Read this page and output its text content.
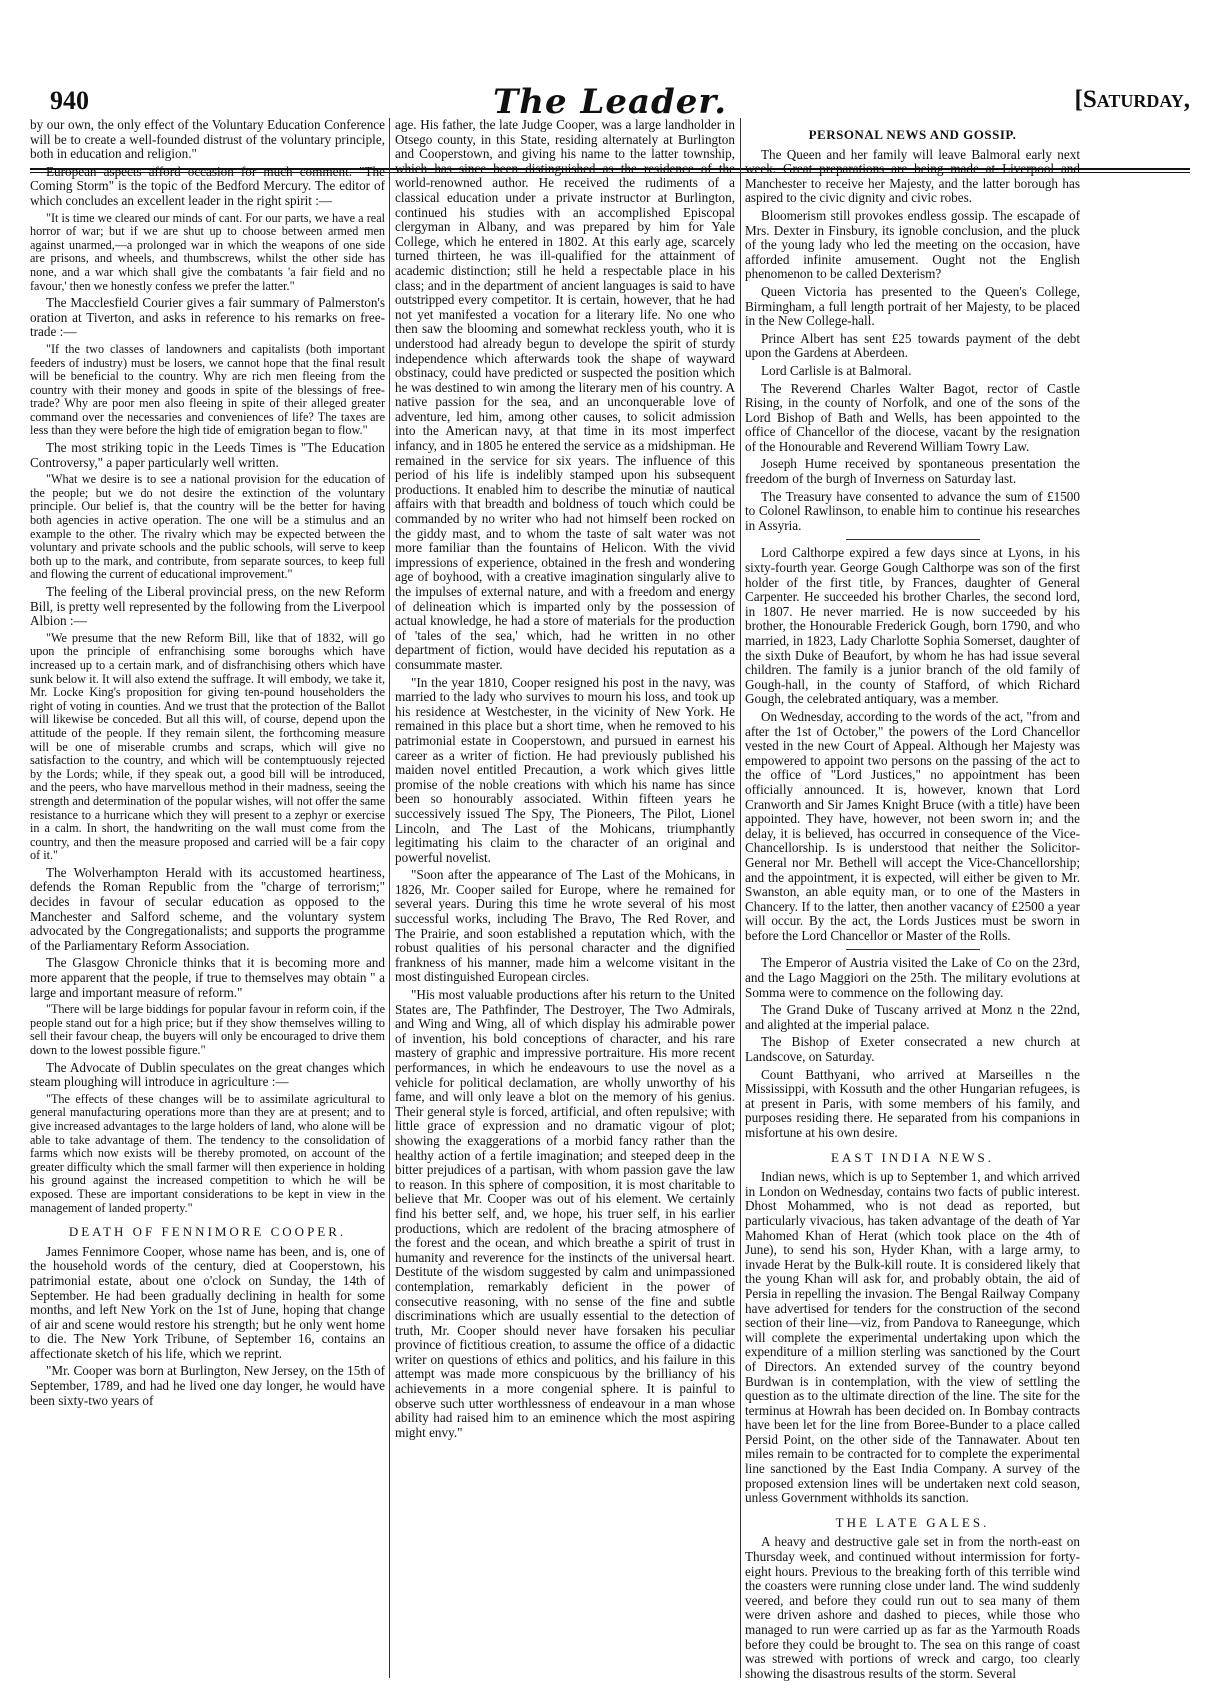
940	The Leader.	[Saturday,

by our own, the only effect of the Voluntary Education Conference will be to create a well-founded distrust of the voluntary principle, both in education and religion."

European aspects afford occasion for much comment. "The Coming Storm" is the topic of the Bedford Mercury. The editor of which concludes an excellent leader in the right spirit :—

"It is time we cleared our minds of cant. For our parts, we have a real horror of war; but if we are shut up to choose between armed men against unarmed,—a prolonged war in which the weapons of one side are prisons, and wheels, and thumbscrews, whilst the other side has none, and a war which shall give the combatants 'a fair field and no favour,' then we honestly confess we prefer the latter."

The Macclesfield Courier gives a fair summary of Palmerston's oration at Tiverton, and asks in reference to his remarks on free-trade :—

"If the two classes of landowners and capitalists (both important feeders of industry) must be losers, we cannot hope that the final result will be beneficial to the country. Why are rich men fleeing from the country with their money and goods in spite of the blessings of free-trade? Why are poor men also fleeing in spite of their alleged greater command over the necessaries and conveniences of life? The taxes are less than they were before the high tide of emigration began to flow."

The most striking topic in the Leeds Times is "The Education Controversy," a paper particularly well written.

"What we desire is to see a national provision for the education of the people; but we do not desire the extinction of the voluntary principle. Our belief is, that the country will be the better for having both agencies in active operation. The one will be a stimulus and an example to the other. The rivalry which may be expected between the voluntary and private schools and the public schools, will serve to keep both up to the mark, and contribute, from separate sources, to keep full and flowing the current of educational improvement."

The feeling of the Liberal provincial press, on the new Reform Bill, is pretty well represented by the following from the Liverpool Albion :—

"We presume that the new Reform Bill, like that of 1832, will go upon the principle of enfranchising some boroughs which have increased up to a certain mark, and of disfranchising others which have sunk below it. It will also extend the suffrage. It will embody, we take it, Mr. Locke King's proposition for giving ten-pound householders the right of voting in counties. And we trust that the protection of the Ballot will likewise be conceded. But all this will, of course, depend upon the attitude of the people. If they remain silent, the forthcoming measure will be one of miserable crumbs and scraps, which will give no satisfaction to the country, and which will be contemptuously rejected by the Lords; while, if they speak out, a good bill will be introduced, and the peers, who have marvellous method in their madness, seeing the strength and determination of the popular wishes, will not offer the same resistance to a hurricane which they will present to a zephyr or exercise in a calm. In short, the handwriting on the wall must come from the country, and then the measure proposed and carried will be a fair copy of it."

The Wolverhampton Herald with its accustomed heartiness, defends the Roman Republic from the "charge of terrorism;" decides in favour of secular education as opposed to the Manchester and Salford scheme, and the voluntary system advocated by the Congregationalists; and supports the programme of the Parliamentary Reform Association.

The Glasgow Chronicle thinks that it is becoming more and more apparent that the people, if true to themselves may obtain " a large and important measure of reform."

"There will be large biddings for popular favour in reform coin, if the people stand out for a high price; but if they show themselves willing to sell their favour cheap, the buyers will only be encouraged to drive them down to the lowest possible figure."

The Advocate of Dublin speculates on the great changes which steam ploughing will introduce in agriculture :—

"The effects of these changes will be to assimilate agricultural to general manufacturing operations more than they are at present; and to give increased advantages to the large holders of land, who alone will be able to take advantage of them. The tendency to the consolidation of farms which now exists will be thereby promoted, on account of the greater difficulty which the small farmer will then experience in holding his ground against the increased competition to which he will be exposed. These are important considerations to be kept in view in the management of landed property."

DEATH OF FENNIMORE COOPER.

James Fennimore Cooper, whose name has been, and is, one of the household words of the century, died at Cooperstown, his patrimonial estate, about one o'clock on Sunday, the 14th of September. He had been gradually declining in health for some months, and left New York on the 1st of June, hoping that change of air and scene would restore his strength; but he only went home to die. The New York Tribune, of September 16, contains an affectionate sketch of his life, which we reprint.

"Mr. Cooper was born at Burlington, New Jersey, on the 15th of September, 1789, and had he lived one day longer, he would have been sixty-two years of

age. His father, the late Judge Cooper, was a large landholder in Otsego county, in this State, residing alternately at Burlington and Cooperstown, and giving his name to the latter township, which has since been distinguished as the residence of the world-renowned author. He received the rudiments of a classical education under a private instructor at Burlington, continued his studies with an accomplished Episcopal clergyman in Albany, and was prepared by him for Yale College, which he entered in 1802. At this early age, scarcely turned thirteen, he was ill-qualified for the attainment of academic distinction; still he held a respectable place in his class; and in the department of ancient languages is said to have outstripped every competitor. It is certain, however, that he had not yet manifested a vocation for a literary life. No one who then saw the blooming and somewhat reckless youth, who it is understood had already begun to develope the spirit of sturdy independence which afterwards took the shape of wayward obstinacy, could have predicted or suspected the position which he was destined to win among the literary men of his country. A native passion for the sea, and an unconquerable love of adventure, led him, among other causes, to solicit admission into the American navy, at that time in its most imperfect infancy, and in 1805 he entered the service as a midshipman. He remained in the service for six years. The influence of this period of his life is indelibly stamped upon his subsequent productions. It enabled him to describe the minutiæ of nautical affairs with that breadth and boldness of touch which could be commanded by no writer who had not himself been rocked on the giddy mast, and to whom the taste of salt water was not more familiar than the fountains of Helicon. With the vivid impressions of experience, obtained in the fresh and wondering age of boyhood, with a creative imagination singularly alive to the impulses of external nature, and with a freedom and energy of delineation which is imparted only by the possession of actual knowledge, he had a store of materials for the production of 'tales of the sea,' which, had he written in no other department of fiction, would have decided his reputation as a consummate master.

"In the year 1810, Cooper resigned his post in the navy, was married to the lady who survives to mourn his loss, and took up his residence at Westchester, in the vicinity of New York. He remained in this place but a short time, when he removed to his patrimonial estate in Cooperstown, and pursued in earnest his career as a writer of fiction. He had previously published his maiden novel entitled Precaution, a work which gives little promise of the noble creations with which his name has since been so honourably associated. Within fifteen years he successively issued The Spy, The Pioneers, The Pilot, Lionel Lincoln, and The Last of the Mohicans, triumphantly legitimating his claim to the character of an original and powerful novelist.

"Soon after the appearance of The Last of the Mohicans, in 1826, Mr. Cooper sailed for Europe, where he remained for several years. During this time he wrote several of his most successful works, including The Bravo, The Red Rover, and The Prairie, and soon established a reputation which, with the robust qualities of his personal character and the dignified frankness of his manner, made him a welcome visitant in the most distinguished European circles.

"His most valuable productions after his return to the United States are, The Pathfinder, The Destroyer, The Two Admirals, and Wing and Wing, all of which display his admirable power of invention, his bold conceptions of character, and his rare mastery of graphic and impressive portraiture. His more recent performances, in which he endeavours to use the novel as a vehicle for political declamation, are wholly unworthy of his fame, and will only leave a blot on the memory of his genius. Their general style is forced, artificial, and often repulsive; with little grace of expression and no dramatic vigour of plot; showing the exaggerations of a morbid fancy rather than the healthy action of a fertile imagination; and steeped deep in the bitter prejudices of a partisan, with whom passion gave the law to reason. In this sphere of composition, it is most charitable to believe that Mr. Cooper was out of his element. We certainly find his better self, and, we hope, his truer self, in his earlier productions, which are redolent of the bracing atmosphere of the forest and the ocean, and which breathe a spirit of trust in humanity and reverence for the instincts of the universal heart. Destitute of the wisdom suggested by calm and unimpassioned contemplation, remarkably deficient in the power of consecutive reasoning, with no sense of the fine and subtle discriminations which are usually essential to the detection of truth, Mr. Cooper should never have forsaken his peculiar province of fictitious creation, to assume the office of a didactic writer on questions of ethics and politics, and his failure in this attempt was made more conspicuous by the brilliancy of his achievements in a more congenial sphere. It is painful to observe such utter worthlessness of endeavour in a man whose ability had raised him to an eminence which the most aspiring might envy."

PERSONAL NEWS AND GOSSIP.

The Queen and her family will leave Balmoral early next week. Great preparations are being made at Liverpool and Manchester to receive her Majesty, and the latter borough has aspired to the civic dignity and civic robes.

Bloomerism still provokes endless gossip. The escapade of Mrs. Dexter in Finsbury, its ignoble conclusion, and the pluck of the young lady who led the meeting on the occasion, have afforded infinite amusement. Ought not the English phenomenon to be called Dexterism?

Queen Victoria has presented to the Queen's College, Birmingham, a full length portrait of her Majesty, to be placed in the New College-hall.

Prince Albert has sent £25 towards payment of the debt upon the Gardens at Aberdeen.

Lord Carlisle is at Balmoral.

The Reverend Charles Walter Bagot, rector of Castle Rising, in the county of Norfolk, and one of the sons of the Lord Bishop of Bath and Wells, has been appointed to the office of Chancellor of the diocese, vacant by the resignation of the Honourable and Reverend William Towry Law.

Joseph Hume received by spontaneous presentation the freedom of the burgh of Inverness on Saturday last.

The Treasury have consented to advance the sum of £1500 to Colonel Rawlinson, to enable him to continue his researches in Assyria.

Lord Calthorpe expired a few days since at Lyons, in his sixty-fourth year. George Gough Calthorpe was son of the first holder of the first title, by Frances, daughter of General Carpenter. He succeeded his brother Charles, the second lord, in 1807. He never married. He is now succeeded by his brother, the Honourable Frederick Gough, born 1790, and who married, in 1823, Lady Charlotte Sophia Somerset, daughter of the sixth Duke of Beaufort, by whom he has had issue several children. The family is a junior branch of the old family of Gough-hall, in the county of Stafford, of which Richard Gough, the celebrated antiquary, was a member.

On Wednesday, according to the words of the act, "from and after the 1st of October," the powers of the Lord Chancellor vested in the new Court of Appeal. Although her Majesty was empowered to appoint two persons on the passing of the act to the office of "Lord Justices," no appointment has been officially announced. It is, however, known that Lord Cranworth and Sir James Knight Bruce (with a title) have been appointed. They have, however, not been sworn in; and the delay, it is believed, has occurred in consequence of the Vice-Chancellorship. Is is understood that neither the Solicitor-General nor Mr. Bethell will accept the Vice-Chancellorship; and the appointment, it is expected, will either be given to Mr. Swanston, an able equity man, or to one of the Masters in Chancery. If to the latter, then another vacancy of £2500 a year will occur. By the act, the Lords Justices must be sworn in before the Lord Chancellor or Master of the Rolls.

The Emperor of Austria visited the Lake of Co on the 23rd, and the Lago Maggiori on the 25th. The military evolutions at Somma were to commence on the following day.

The Grand Duke of Tuscany arrived at Monz n the 22nd, and alighted at the imperial palace.

The Bishop of Exeter consecrated a new church at Landscove, on Saturday.

Count Batthyani, who arrived at Marseilles n the Mississippi, with Kossuth and the other Hungarian refugees, is at present in Paris, with some members of his family, and purposes residing there. He separated from his companions in misfortune at his own desire.

EAST INDIA NEWS.

Indian news, which is up to September 1, and which arrived in London on Wednesday, contains two facts of public interest. Dhost Mohammed, who is not dead as reported, but particularly vivacious, has taken advantage of the death of Yar Mahomed Khan of Herat (which took place on the 4th of June), to send his son, Hyder Khan, with a large army, to invade Herat by the Bulk-kill route. It is considered likely that the young Khan will ask for, and probably obtain, the aid of Persia in repelling the invasion. The Bengal Railway Company have advertised for tenders for the construction of the second section of their line—viz, from Pandova to Raneegunge, which will complete the experimental undertaking upon which the expenditure of a million sterling was sanctioned by the Court of Directors. An extended survey of the country beyond Burdwan is in contemplation, with the view of settling the question as to the ultimate direction of the line. The site for the terminus at Howrah has been decided on. In Bombay contracts have been let for the line from Boree-Bunder to a place called Persid Point, on the other side of the Tannawater. About ten miles remain to be contracted for to complete the experimental line sanctioned by the East India Company. A survey of the proposed extension lines will be undertaken next cold season, unless Government withholds its sanction.

THE LATE GALES.

A heavy and destructive gale set in from the north-east on Thursday week, and continued without intermission for forty-eight hours. Previous to the breaking forth of this terrible wind the coasters were running close under land. The wind suddenly veered, and before they could run out to sea many of them were driven ashore and dashed to pieces, while those who managed to run were carried up as far as the Yarmouth Roads before they could be brought to. The sea on this range of coast was strewed with portions of wreck and cargo, too clearly showing the disastrous results of the storm. Several
